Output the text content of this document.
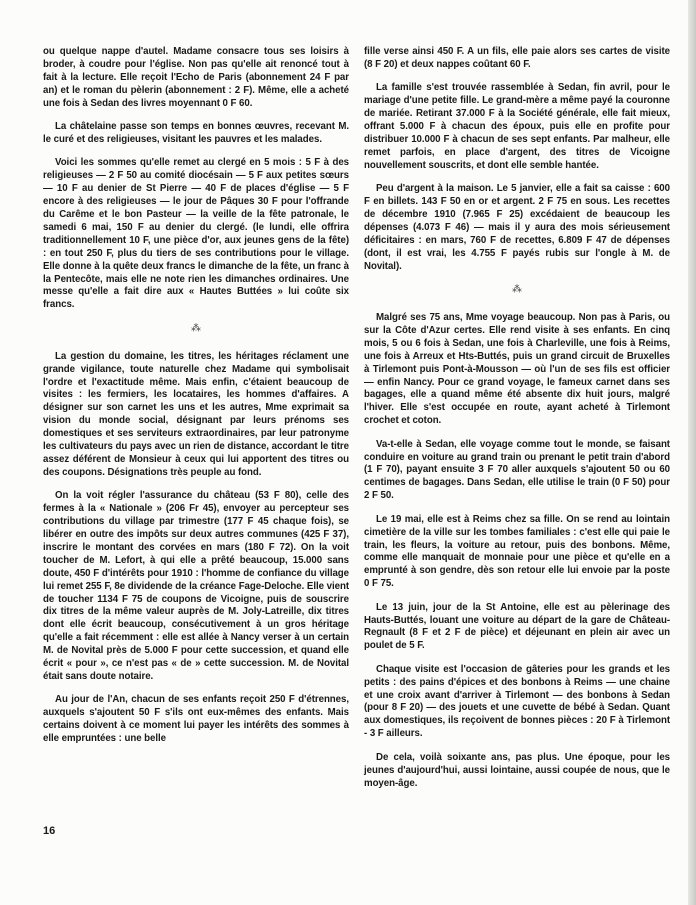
ou quelque nappe d'autel. Madame consacre tous ses loisirs à broder, à coudre pour l'église. Non pas qu'elle ait renoncé tout à fait à la lecture. Elle reçoit l'Echo de Paris (abonnement 24 F par an) et le roman du pèlerin (abonnement : 2 F). Même, elle a acheté une fois à Sedan des livres moyennant 0 F 60.

La châtelaine passe son temps en bonnes œuvres, recevant M. le curé et des religieuses, visitant les pauvres et les malades.

Voici les sommes qu'elle remet au clergé en 5 mois : 5 F à des religieuses — 2 F 50 au comité diocésain — 5 F aux petites sœurs — 10 F au denier de St Pierre — 40 F de places d'église — 5 F encore à des religieuses — le jour de Pâques 30 F pour l'offrande du Carême et le bon Pasteur — la veille de la fête patronale, le samedi 6 mai, 150 F au denier du clergé. (le lundi, elle offrira traditionnellement 10 F, une pièce d'or, aux jeunes gens de la fête) : en tout 250 F, plus du tiers de ses contributions pour le village. Elle donne à la quête deux francs le dimanche de la fête, un franc à la Pentecôte, mais elle ne note rien les dimanches ordinaires. Une messe qu'elle a fait dire aux « Hautes Buttées » lui coûte six francs.

⁂

La gestion du domaine, les titres, les héritages réclament une grande vigilance, toute naturelle chez Madame qui symbolisait l'ordre et l'exactitude même. Mais enfin, c'étaient beaucoup de visites : les fermiers, les locataires, les hommes d'affaires. A désigner sur son carnet les uns et les autres, Mme exprimait sa vision du monde social, désignant par leurs prénoms ses domestiques et ses serviteurs extraordinaires, par leur patronyme les cultivateurs du pays avec un rien de distance, accordant le titre assez déférent de Monsieur à ceux qui lui apportent des titres ou des coupons. Désignations très peuple au fond.

On la voit régler l'assurance du château (53 F 80), celle des fermes à la « Nationale » (206 Fr 45), envoyer au percepteur ses contributions du village par trimestre (177 F 45 chaque fois), se libérer en outre des impôts sur deux autres communes (425 F 37), inscrire le montant des corvées en mars (180 F 72). On la voit toucher de M. Lefort, à qui elle a prêté beaucoup, 15.000 sans doute, 450 F d'intérêts pour 1910 : l'homme de confiance du village lui remet 255 F, 8e dividende de la créance Fage-Deloche. Elle vient de toucher 1134 F 75 de coupons de Vicoigne, puis de souscrire dix titres de la même valeur auprès de M. Joly-Latreille, dix titres dont elle écrit beaucoup, consécutivement à un gros héritage qu'elle a fait récemment : elle est allée à Nancy verser à un certain M. de Novital près de 5.000 F pour cette succession, et quand elle écrit « pour », ce n'est pas « de » cette succession. M. de Novital était sans doute notaire.

Au jour de l'An, chacun de ses enfants reçoit 250 F d'étrennes, auxquels s'ajoutent 50 F s'ils ont eux-mêmes des enfants. Mais certains doivent à ce moment lui payer les intérêts des sommes à elle empruntées : une belle

fille verse ainsi 450 F. A un fils, elle paie alors ses cartes de visite (8 F 20) et deux nappes coûtant 60 F.

La famille s'est trouvée rassemblée à Sedan, fin avril, pour le mariage d'une petite fille. Le grand-mère a même payé la couronne de mariée. Retirant 37.000 F à la Société générale, elle fait mieux, offrant 5.000 F à chacun des époux, puis elle en profite pour distribuer 10.000 F à chacun de ses sept enfants. Par malheur, elle remet parfois, en place d'argent, des titres de Vicoigne nouvellement souscrits, et dont elle semble hantée.

Peu d'argent à la maison. Le 5 janvier, elle a fait sa caisse : 600 F en billets. 143 F 50 en or et argent. 2 F 75 en sous. Les recettes de décembre 1910 (7.965 F 25) excédaient de beaucoup les dépenses (4.073 F 46) — mais il y aura des mois sérieusement déficitaires : en mars, 760 F de recettes, 6.809 F 47 de dépenses (dont, il est vrai, les 4.755 F payés rubis sur l'ongle à M. de Novital).

⁂

Malgré ses 75 ans, Mme voyage beaucoup. Non pas à Paris, ou sur la Côte d'Azur certes. Elle rend visite à ses enfants. En cinq mois, 5 ou 6 fois à Sedan, une fois à Charleville, une fois à Reims, une fois à Arreux et Hts-Buttés, puis un grand circuit de Bruxelles à Tirlemont puis Pont-à-Mousson — où l'un de ses fils est officier — enfin Nancy. Pour ce grand voyage, le fameux carnet dans ses bagages, elle a quand même été absente dix huit jours, malgré l'hiver. Elle s'est occupée en route, ayant acheté à Tirlemont crochet et coton.

Va-t-elle à Sedan, elle voyage comme tout le monde, se faisant conduire en voiture au grand train ou prenant le petit train d'abord (1 F 70), payant ensuite 3 F 70 aller auxquels s'ajoutent 50 ou 60 centimes de bagages. Dans Sedan, elle utilise le train (0 F 50) pour 2 F 50.

Le 19 mai, elle est à Reims chez sa fille. On se rend au lointain cimetière de la ville sur les tombes familiales : c'est elle qui paie le train, les fleurs, la voiture au retour, puis des bonbons. Même, comme elle manquait de monnaie pour une pièce et qu'elle en a emprunté à son gendre, dès son retour elle lui envoie par la poste 0 F 75.

Le 13 juin, jour de la St Antoine, elle est au pèlerinage des Hauts-Buttés, louant une voiture au départ de la gare de Château-Regnault (8 F et 2 F de pièce) et déjeunant en plein air avec un poulet de 5 F.

Chaque visite est l'occasion de gâteries pour les grands et les petits : des pains d'épices et des bonbons à Reims — une chaine et une croix avant d'arriver à Tirlemont — des bonbons à Sedan (pour 8 F 20) — des jouets et une cuvette de bébé à Sedan. Quant aux domestiques, ils reçoivent de bonnes pièces : 20 F à Tirlemont - 3 F ailleurs.

De cela, voilà soixante ans, pas plus. Une époque, pour les jeunes d'aujourd'hui, aussi lointaine, aussi coupée de nous, que le moyen-âge.

16
